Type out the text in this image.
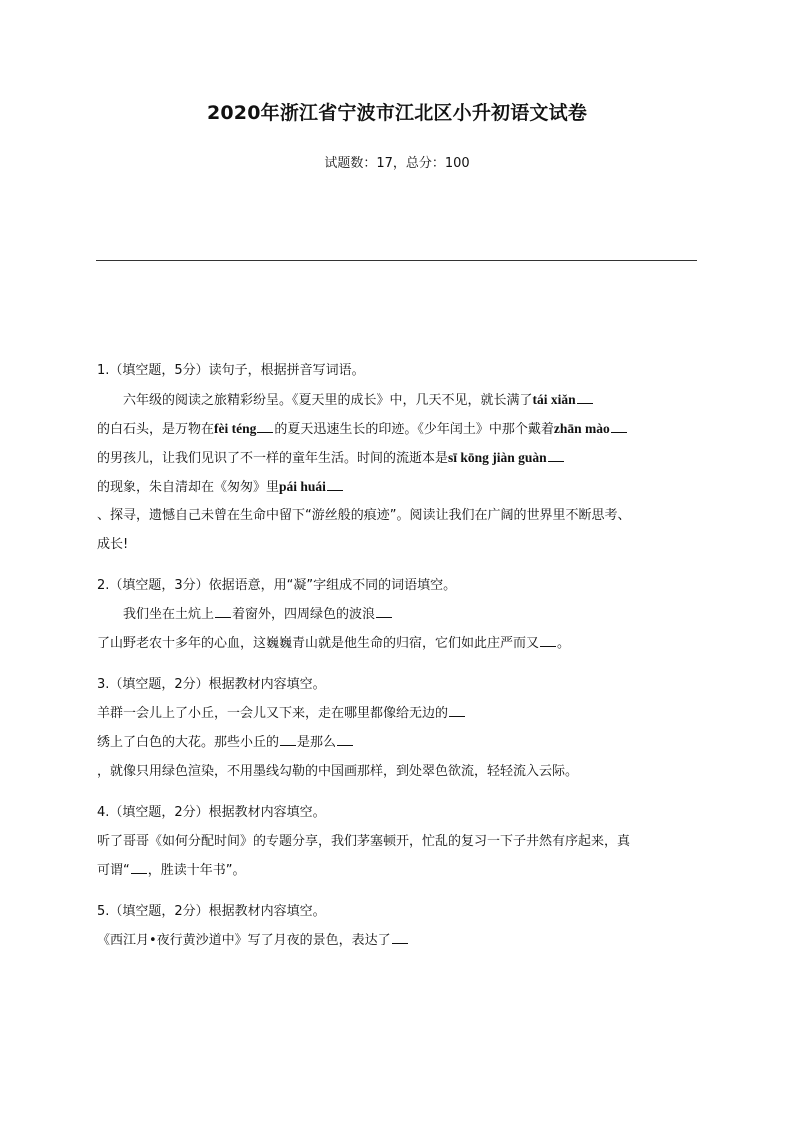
2020年浙江省宁波市江北区小升初语文试卷
试题数：17，总分：100
1.（填空题，5分）读句子，根据拼音写词语。
六年级的阅读之旅精彩纷呈。《夏天里的成长》中，几天不见，就长满了tái xiǎn
的白石头，是万物在fèi téng 的夏天迅速生长的印迹。《少年闰土》中那个戴着zhān mào
的男孩儿，让我们见识了不一样的童年生活。时间的流逝本是sī kōng jiàn guàn
的现象，朱自清却在《匆匆》里pái huái
、探寻，遗憾自己未曾在生命中留下“游丝般的痕迹”。阅读让我们在广阔的世界里不断思考、
成长!
2.（填空题，3分）依据语意，用“凝”字组成不同的词语填空。
我们坐在土炕上 着窗外，四周绿色的波浪
了山野老农十多年的心血，这巍巍青山就是他生命的归宿，它们如此庄严而又 。
3.（填空题，2分）根据教材内容填空。
羊群一会儿上了小丘，一会儿又下来，走在哪里都像给无边的
绣上了白色的大花。那些小丘的 是那么
，就像只用绿色渲染，不用墨线勾勒的中国画那样，到处翠色欲流，轻轻流入云际。
4.（填空题，2分）根据教材内容填空。
听了哥哥《如何分配时间》的专题分享，我们茅塞顿开，忙乱的复习一下子井然有序起来，真
可谓“ ，胜读十年书”。
5.（填空题，2分）根据教材内容填空。
《西江月•夜行黄沙道中》写了月夜的景色，表达了
